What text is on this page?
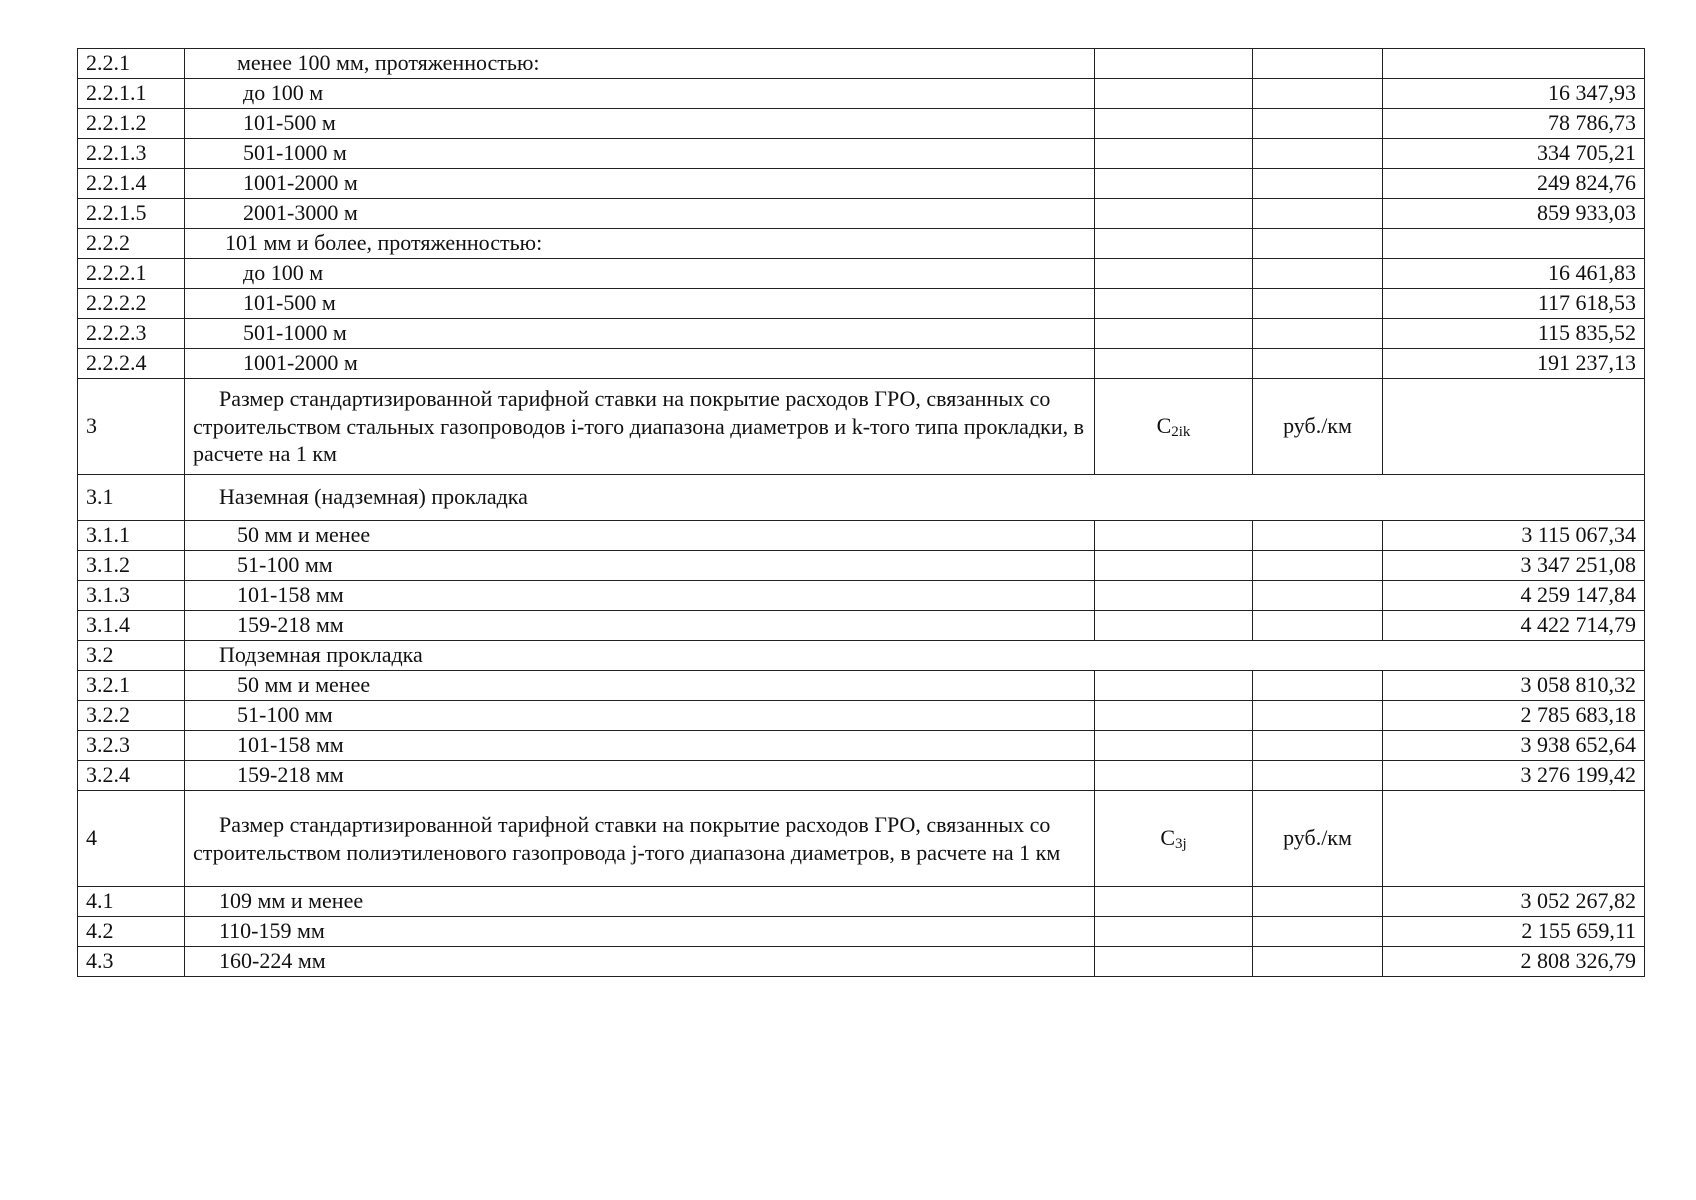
2.2.1	менее 100 мм, протяженностью:			
2.2.1.1	до 100 м			16 347,93
2.2.1.2	101-500 м			78 786,73
2.2.1.3	501-1000 м			334 705,21
2.2.1.4	1001-2000 м			249 824,76
2.2.1.5	2001-3000 м			859 933,03
2.2.2	101 мм и более, протяженностью:			
2.2.2.1	до 100 м			16 461,83
2.2.2.2	101-500 м			117 618,53
2.2.2.3	501-1000 м			115 835,52
2.2.2.4	1001-2000 м			191 237,13
3	Размер стандартизированной тарифной ставки на покрытие расходов ГРО, связанных со строительством стальных газопроводов i-того диапазона диаметров и k-того типа прокладки, в расчете на 1 км	$С_{2ik}$	руб./км	
3.1	Наземная (надземная) прокладка			
3.1.1	50 мм и менее			3 115 067,34
3.1.2	51-100 мм			3 347 251,08
3.1.3	101-158 мм			4 259 147,84
3.1.4	159-218 мм			4 422 714,79
3.2	Подземная прокладка			
3.2.1	50 мм и менее			3 058 810,32
3.2.2	51-100 мм			2 785 683,18
3.2.3	101-158 мм			3 938 652,64
3.2.4	159-218 мм			3 276 199,42
4	Размер стандартизированной тарифной ставки на покрытие расходов ГРО, связанных со строительством полиэтиленового газопровода j-того диапазона диаметров, в расчете на 1 км	$С_{3j}$	руб./км	
4.1	109 мм и менее			3 052 267,82
4.2	110-159 мм			2 155 659,11
4.3	160-224 мм			2 808 326,79
